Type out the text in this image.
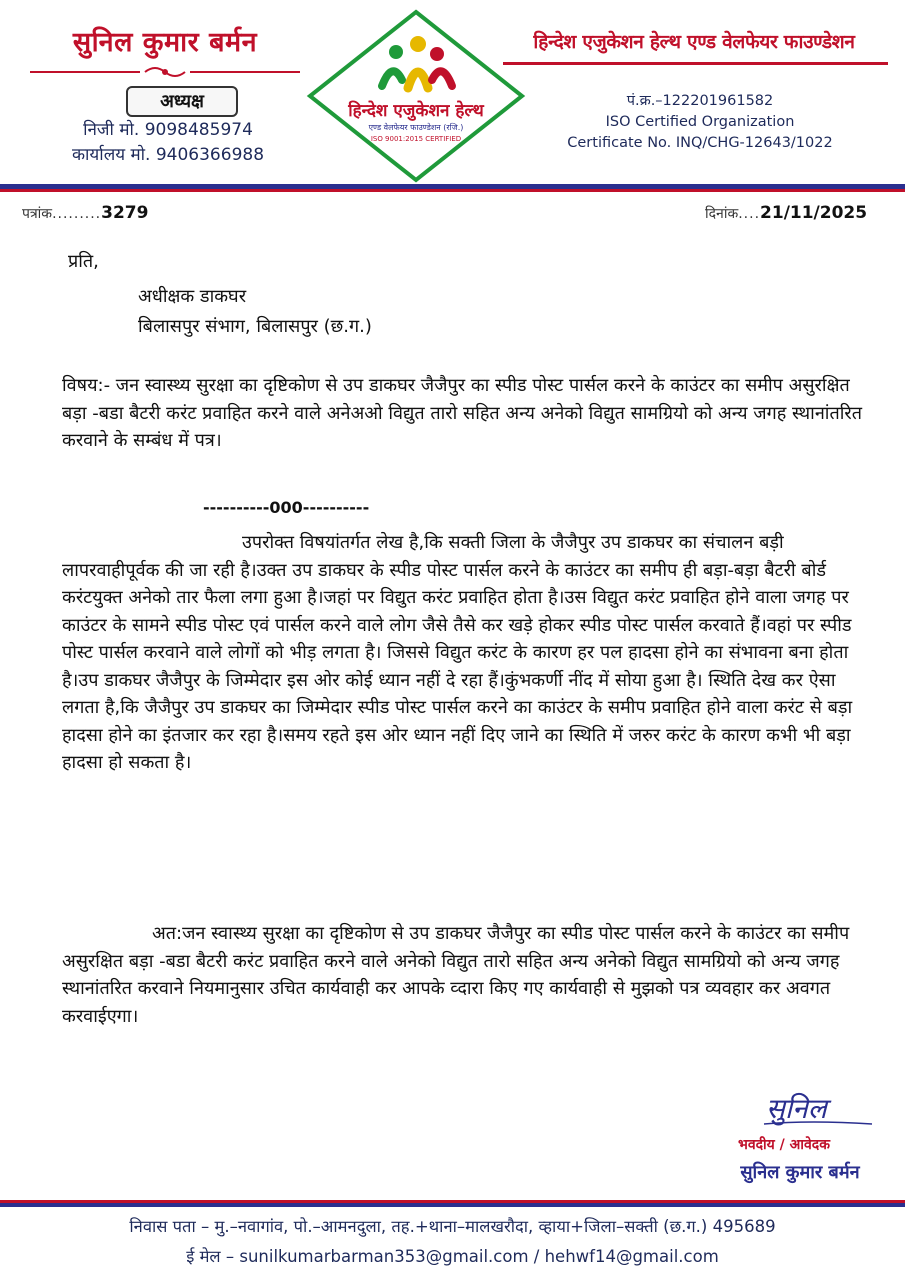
सुनिल कुमार बर्मन
अध्यक्ष
निजी मो. 9098485974
कार्यालय मो. 9406366988
हिन्देश एजुकेशन हेल्थ
एण्ड वेलफेयर फाउण्डेशन (रजि.)
ISO 9001:2015 CERTIFIED
हिन्देश एजुकेशन हेल्थ एण्ड वेलफेयर फाउण्डेशन
पं.क्र.–122201961582
ISO Certified Organization
Certificate No. INQ/CHG-12643/1022
पत्रांक.........3279	दिनांक....21/11/2025
प्रति,
अधीक्षक डाकघर
बिलासपुर संभाग, बिलासपुर (छ.ग.)

विषय:- जन स्वास्थ्य सुरक्षा का दृष्टिकोण से उप डाकघर जैजैपुर का स्पीड पोस्ट पार्सल करने के काउंटर का समीप असुरक्षित बड़ा -बडा बैटरी करंट प्रवाहित करने वाले अनेअओ विद्युत तारो सहित अन्य अनेको विद्युत सामग्रियो को अन्य जगह स्थानांतरित करवाने के सम्बंध में पत्र।

----------000----------

उपरोक्त विषयांतर्गत लेख है,कि सक्ती जिला के जैजैपुर उप डाकघर का संचालन बड़ी लापरवाहीपूर्वक की जा रही है।उक्त उप डाकघर के स्पीड पोस्ट पार्सल करने के काउंटर का समीप ही बड़ा-बड़ा बैटरी बोर्ड करंटयुक्त अनेको तार फैला लगा हुआ है।जहां पर विद्युत करंट प्रवाहित होता है।उस विद्युत करंट प्रवाहित होने वाला जगह पर काउंटर के सामने स्पीड पोस्ट एवं पार्सल करने वाले लोग जैसे तैसे कर खड़े होकर स्पीड पोस्ट पार्सल करवाते हैं।वहां पर स्पीड पोस्ट पार्सल करवाने वाले लोगों को भीड़ लगता है। जिससे विद्युत करंट के कारण हर पल हादसा होने का संभावना बना होता है।उप डाकघर जैजैपुर के जिम्मेदार इस ओर कोई ध्यान नहीं दे रहा हैं।कुंभकर्णी नींद में सोया हुआ है। स्थिति देख कर ऐसा लगता है,कि जैजैपुर उप डाकघर का जिम्मेदार स्पीड पोस्ट पार्सल करने का काउंटर के समीप प्रवाहित होने वाला करंट से बड़ा हादसा होने का इंतजार कर रहा है।समय रहते इस ओर ध्यान नहीं दिए जाने का स्थिति में जरुर करंट के कारण कभी भी बड़ा हादसा हो सकता है।

अत:जन स्वास्थ्य सुरक्षा का दृष्टिकोण से उप डाकघर जैजैपुर का स्पीड पोस्ट पार्सल करने के काउंटर का समीप असुरक्षित बड़ा -बडा बैटरी करंट प्रवाहित करने वाले अनेको विद्युत तारो सहित अन्य अनेको विद्युत सामग्रियो को अन्य जगह स्थानांतरित करवाने नियमानुसार उचित कार्यवाही कर आपके व्दारा किए गए कार्यवाही से मुझको पत्र व्यवहार कर अवगत करवाईएगा।

सुनिल
भवदीय / आवेदक
सुनिल कुमार बर्मन
निवास पता – मु.–नवागांव, पो.–आमनदुला, तह.+थाना–मालखरौदा, व्हाया+जिला–सक्ती (छ.ग.) 495689
ई मेल – sunilkumarbarman353@gmail.com / hehwf14@gmail.com
